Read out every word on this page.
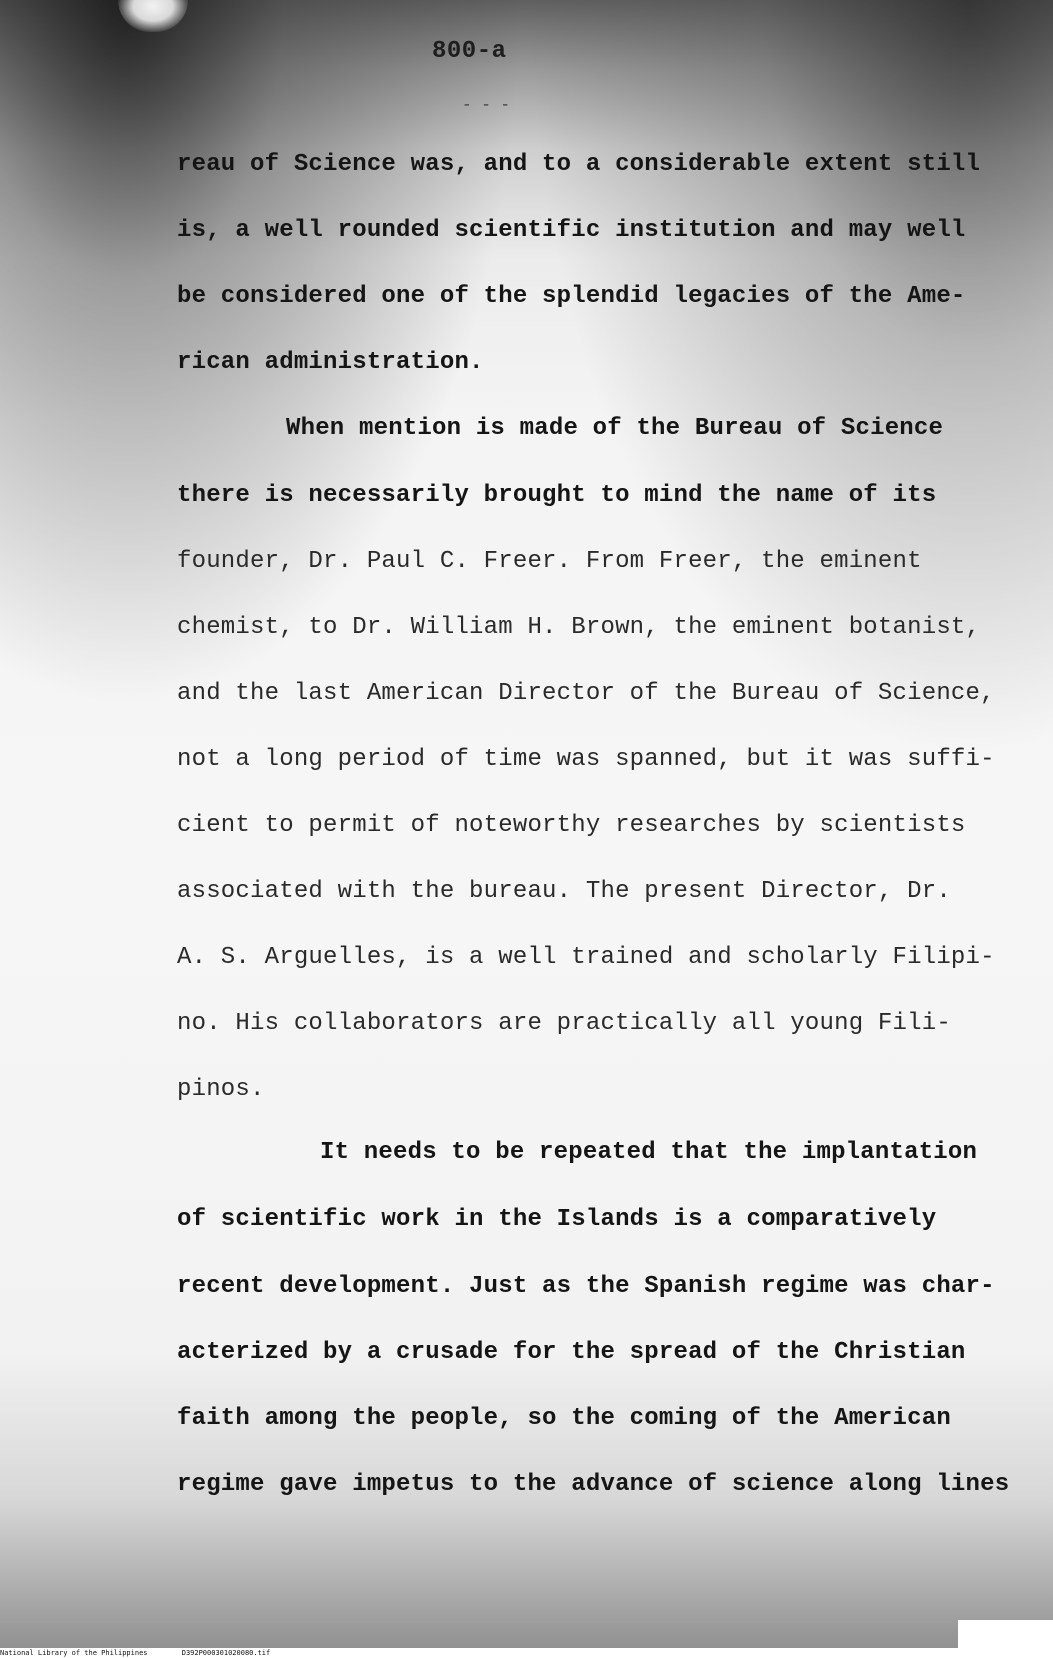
800-a
- - -
reau of Science was, and to a considerable extent still
is, a well rounded scientific institution and may well
be considered one of the splendid legacies of the Ame-
rican administration.
When mention is made of the Bureau of Science
there is necessarily brought to mind the name of its
founder, Dr. Paul C. Freer. From Freer, the eminent
chemist, to Dr. William H. Brown, the eminent botanist,
and the last American Director of the Bureau of Science,
not a long period of time was spanned, but it was suffi-
cient to permit of noteworthy researches by scientists
associated with the bureau. The present Director, Dr.
A. S. Arguelles, is a well trained and scholarly Filipi-
no. His collaborators are practically all young Fili-
pinos.
It needs to be repeated that the implantation
of scientific work in the Islands is a comparatively
recent development. Just as the Spanish regime was char-
acterized by a crusade for the spread of the Christian
faith among the people, so the coming of the American
regime gave impetus to the advance of science along lines
National Library of the Philippines	D392P000301020080.tif
